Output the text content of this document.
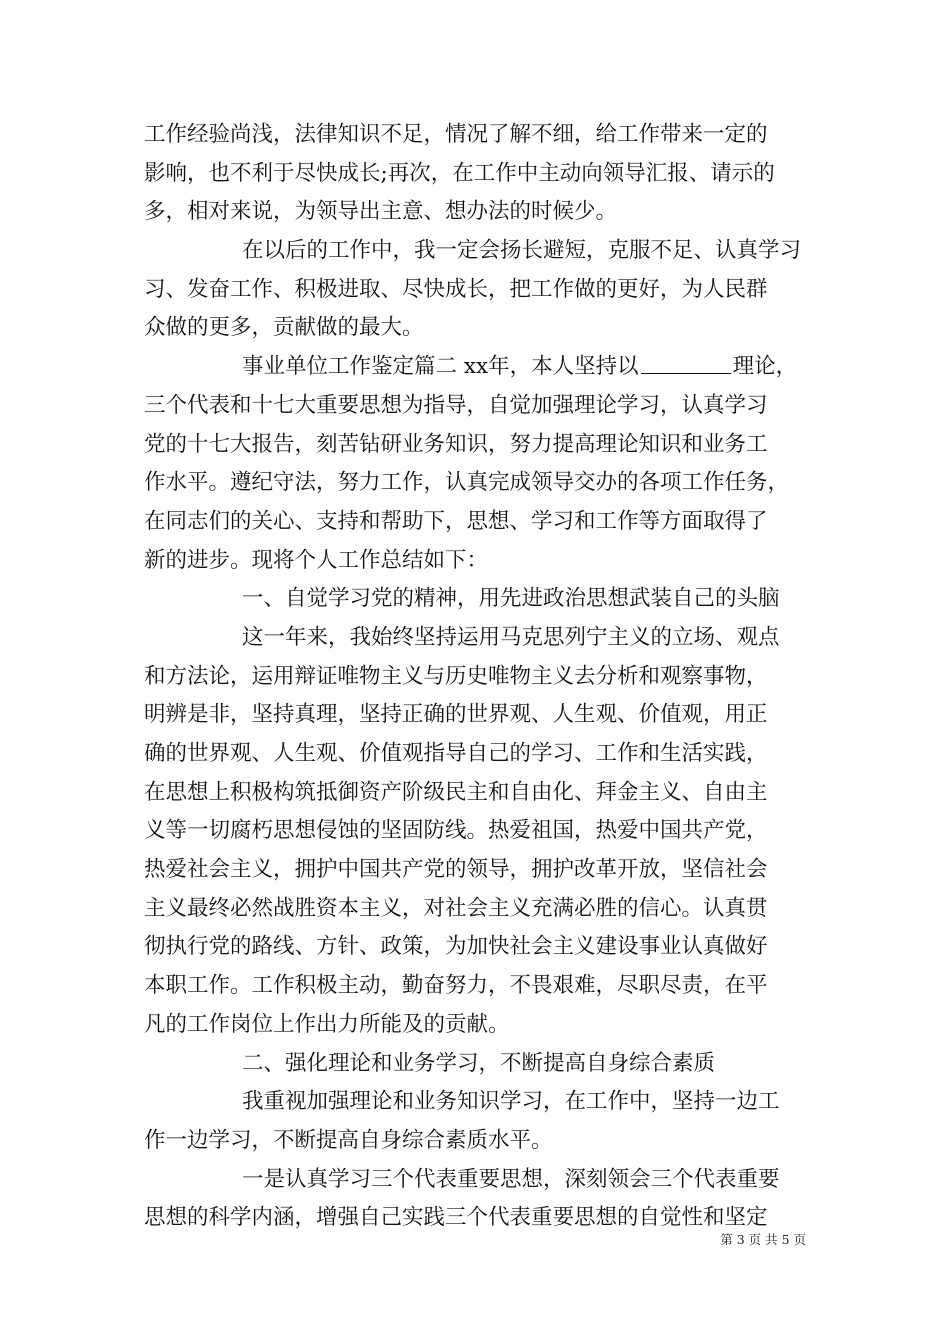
工作经验尚浅，法律知识不足，情况了解不细，给工作带来一定的
影响，也不利于尽快成长;再次，在工作中主动向领导汇报、请示的
多，相对来说，为领导出主意、想办法的时候少。
在以后的工作中，我一定会扬长避短，克服不足、认真学习
习、发奋工作、积极进取、尽快成长，把工作做的更好，为人民群
众做的更多，贡献做的最大。
事业单位工作鉴定篇二 xx年，本人坚持以	理论，
三个代表和十七大重要思想为指导，自觉加强理论学习，认真学习
党的十七大报告，刻苦钻研业务知识，努力提高理论知识和业务工
作水平。遵纪守法，努力工作，认真完成领导交办的各项工作任务，
在同志们的关心、支持和帮助下，思想、学习和工作等方面取得了
新的进步。现将个人工作总结如下：
一、自觉学习党的精神，用先进政治思想武装自己的头脑
这一年来，我始终坚持运用马克思列宁主义的立场、观点
和方法论，运用辩证唯物主义与历史唯物主义去分析和观察事物，
明辨是非，坚持真理，坚持正确的世界观、人生观、价值观，用正
确的世界观、人生观、价值观指导自己的学习、工作和生活实践，
在思想上积极构筑抵御资产阶级民主和自由化、拜金主义、自由主
义等一切腐朽思想侵蚀的坚固防线。热爱祖国，热爱中国共产党，
热爱社会主义，拥护中国共产党的领导，拥护改革开放，坚信社会
主义最终必然战胜资本主义，对社会主义充满必胜的信心。认真贯
彻执行党的路线、方针、政策，为加快社会主义建设事业认真做好
本职工作。工作积极主动，勤奋努力，不畏艰难，尽职尽责，在平
凡的工作岗位上作出力所能及的贡献。
二、强化理论和业务学习，不断提高自身综合素质
我重视加强理论和业务知识学习，在工作中，坚持一边工
作一边学习，不断提高自身综合素质水平。
一是认真学习三个代表重要思想，深刻领会三个代表重要
思想的科学内涵，增强自己实践三个代表重要思想的自觉性和坚定
第 3 页 共 5 页
